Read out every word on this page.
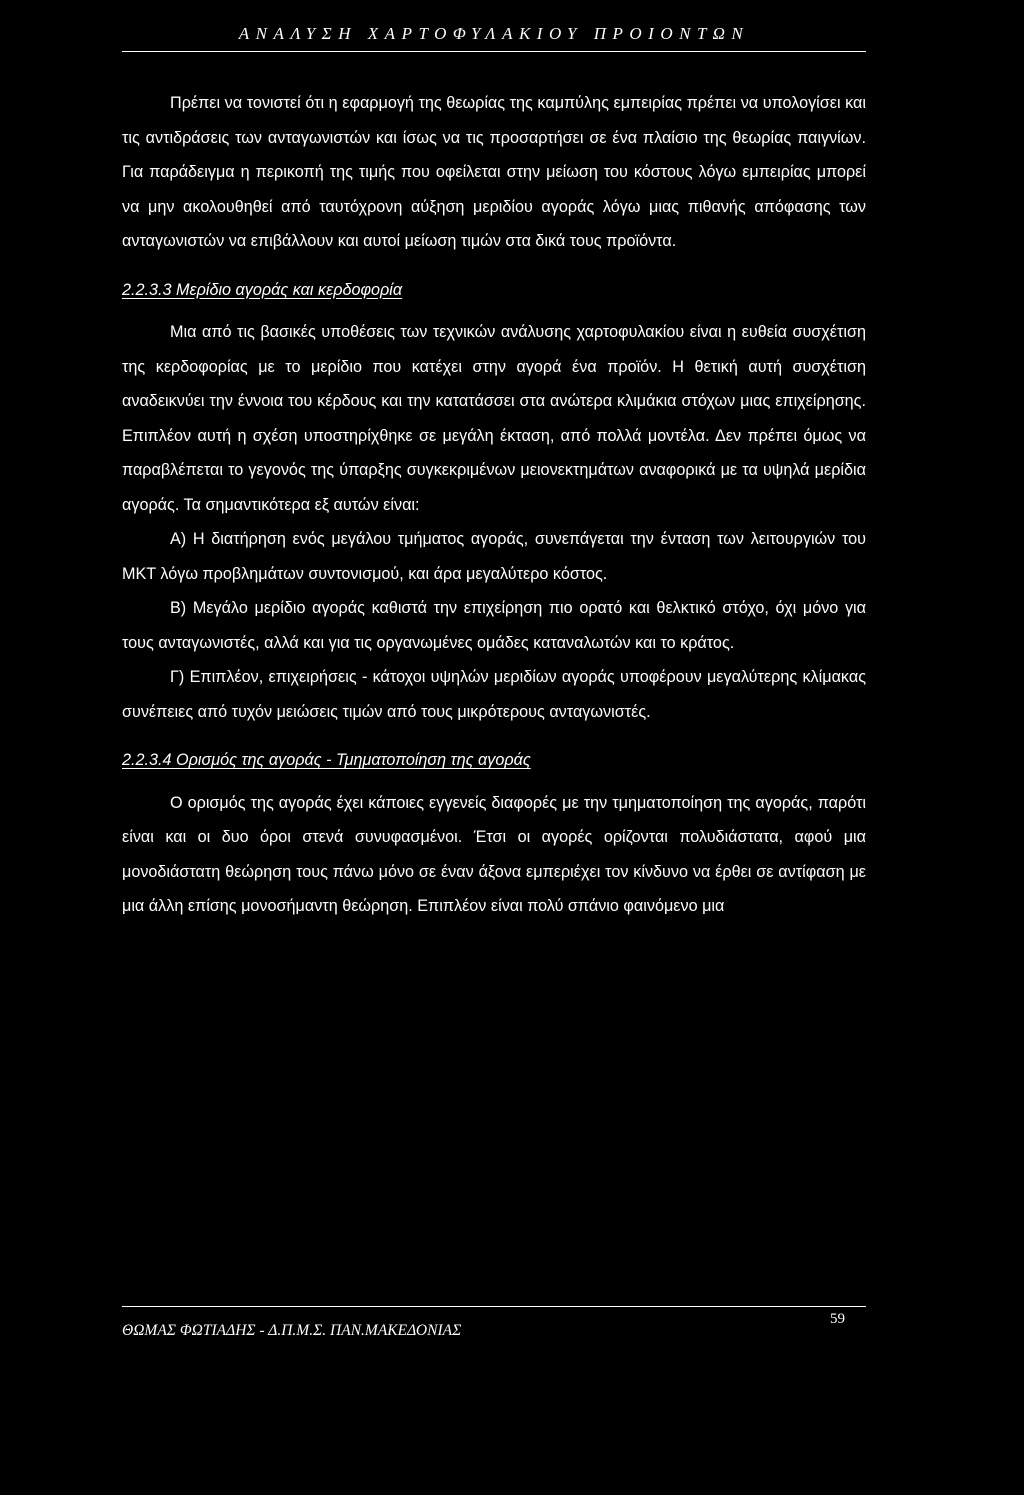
ΑΝΑΛΥΣΗ ΧΑΡΤΟΦΥΛΑΚΙΟΥ ΠΡΟΙΟΝΤΩΝ

Πρέπει να τονιστεί ότι η εφαρμογή της θεωρίας της καμπύλης εμπειρίας πρέπει να υπολογίσει και τις αντιδράσεις των ανταγωνιστών και ίσως να τις προσαρτήσει σε ένα πλαίσιο της θεωρίας παιγνίων. Για παράδειγμα η περικοπή της τιμής που οφείλεται στην μείωση του κόστους λόγω εμπειρίας μπορεί να μην ακολουθηθεί από ταυτόχρονη αύξηση μεριδίου αγοράς λόγω μιας πιθανής απόφασης των ανταγωνιστών να επιβάλλουν και αυτοί μείωση τιμών στα δικά τους προϊόντα.

2.2.3.3 Μερίδιο αγοράς και κερδοφορία

Μια από τις βασικές υποθέσεις των τεχνικών ανάλυσης χαρτοφυλακίου είναι η ευθεία συσχέτιση της κερδοφορίας με το μερίδιο που κατέχει στην αγορά ένα προϊόν. Η θετική αυτή συσχέτιση αναδεικνύει την έννοια του κέρδους και την κατατάσσει στα ανώτερα κλιμάκια στόχων μιας επιχείρησης. Επιπλέον αυτή η σχέση υποστηρίχθηκε σε μεγάλη έκταση, από πολλά μοντέλα. Δεν πρέπει όμως να παραβλέπεται το γεγονός της ύπαρξης συγκεκριμένων μειονεκτημάτων αναφορικά με τα υψηλά μερίδια αγοράς. Τα σημαντικότερα εξ αυτών είναι:

Α) Η διατήρηση ενός μεγάλου τμήματος αγοράς, συνεπάγεται την ένταση των λειτουργιών του ΜΚΤ λόγω προβλημάτων συντονισμού, και άρα μεγαλύτερο κόστος.

Β) Μεγάλο μερίδιο αγοράς καθιστά την επιχείρηση πιο ορατό και θελκτικό στόχο, όχι μόνο για τους ανταγωνιστές, αλλά και για τις οργανωμένες ομάδες καταναλωτών και το κράτος.

Γ) Επιπλέον, επιχειρήσεις - κάτοχοι υψηλών μεριδίων αγοράς υποφέρουν μεγαλύτερης κλίμακας συνέπειες από τυχόν μειώσεις τιμών από τους μικρότερους ανταγωνιστές.

2.2.3.4 Ορισμός της αγοράς - Τμηματοποίηση της αγοράς

Ο ορισμός της αγοράς έχει κάποιες εγγενείς διαφορές με την τμηματοποίηση της αγοράς, παρότι είναι και οι δυο όροι στενά συνυφασμένοι. Έτσι οι αγορές ορίζονται πολυδιάστατα, αφού μια μονοδιάστατη θεώρηση τους πάνω μόνο σε έναν άξονα εμπεριέχει τον κίνδυνο να έρθει σε αντίφαση με μια άλλη επίσης μονοσήμαντη θεώρηση. Επιπλέον είναι πολύ σπάνιο φαινόμενο μια

ΘΩΜΑΣ ΦΩΤΙΑΔΗΣ - Δ.Π.Μ.Σ. ΠΑΝ.ΜΑΚΕΔΟΝΙΑΣ
59
